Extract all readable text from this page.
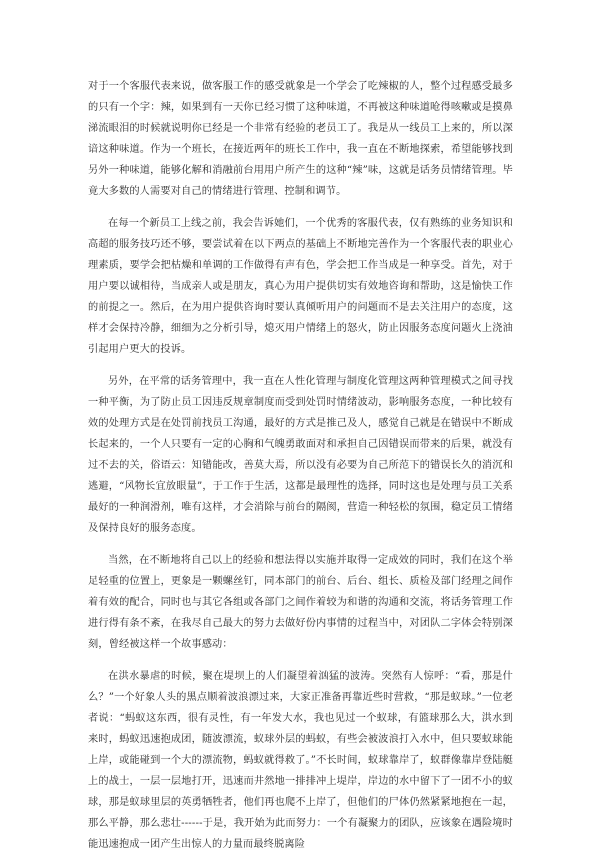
对于一个客服代表来说，做客服工作的感受就象是一个学会了吃辣椒的人，整个过程感受最多的只有一个字：辣，如果到有一天你已经习惯了这种味道，不再被这种味道呛得咳嗽或是摸鼻涕流眼泪的时候就说明你已经是一个非常有经验的老员工了。我是从一线员工上来的，所以深谙这种味道。作为一个班长，在接近两年的班长工作中，我一直在不断地探索，希望能够找到另外一种味道，能够化解和消融前台用用户所产生的这种“辣”味，这就是话务员情绪管理。毕竟大多数的人需要对自己的情绪进行管理、控制和调节。

在每一个新员工上线之前，我会告诉她们，一个优秀的客服代表，仅有熟练的业务知识和高超的服务技巧还不够，要尝试着在以下两点的基础上不断地完善作为一个客服代表的职业心理素质，要学会把枯燥和单调的工作做得有声有色，学会把工作当成是一种享受。首先，对于用户要以诚相待，当成亲人或是朋友，真心为用户提供切实有效地咨询和帮助，这是愉快工作的前提之一。然后，在为用户提供咨询时要认真倾听用户的问题而不是去关注用户的态度，这样才会保持冷静，细细为之分析引导，熄灭用户情绪上的怒火，防止因服务态度问题火上浇油引起用户更大的投诉。

另外，在平常的话务管理中，我一直在人性化管理与制度化管理这两种管理模式之间寻找一种平衡，为了防止员工因违反规章制度而受到处罚时情绪波动，影响服务态度，一种比较有效的处理方式是在处罚前找员工沟通，最好的方式是推己及人，感觉自己就是在错误中不断成长起来的，一个人只要有一定的心胸和气魄勇敢面对和承担自己因错误而带来的后果，就没有过不去的关，俗语云：知错能改，善莫大焉，所以没有必要为自己所范下的错误长久的消沉和逃避，“风物长宜放眼量”，于工作于生活，这都是最理性的选择，同时这也是处理与员工关系最好的一种润滑剂，唯有这样，才会消除与前台的隔阂，营造一种轻松的氛围，稳定员工情绪及保持良好的服务态度。

当然，在不断地将自己以上的经验和想法得以实施并取得一定成效的同时，我们在这个举足轻重的位置上，更象是一颗螺丝钉，同本部门的前台、后台、组长、质检及部门经理之间作着有效的配合，同时也与其它各组或各部门之间作着较为和谐的沟通和交流，将话务管理工作进行得有条不紊，在我尽自己最大的努力去做好份内事情的过程当中，对团队二字体会特别深刻，曾经被这样一个故事感动：

在洪水暴虐的时候，聚在堤坝上的人们凝望着汹猛的波涛。突然有人惊呼：“看，那是什么？”一个好象人头的黑点顺着波浪漂过来，大家正准备再靠近些时营救，“那是蚁球。”一位老者说：“蚂蚁这东西，很有灵性，有一年发大水，我也见过一个蚁球，有篮球那么大，洪水到来时，蚂蚁迅速抱成团，随波漂流，蚁球外层的蚂蚁，有些会被波浪打入水中，但只要蚁球能上岸，或能碰到一个大的漂流物，蚂蚁就得救了。”不长时间，蚁球靠岸了，蚁群像靠岸登陆艇上的战士，一层一层地打开，迅速而井然地一排排冲上堤岸，岸边的水中留下了一团不小的蚁球，那是蚁球里层的英勇牺牲者，他们再也爬不上岸了，但他们的尸体仍然紧紧地抱在一起，那么平静，那么悲壮------于是，我开始为此而努力：一个有凝聚力的团队，应该象在遇险境时能迅速抱成一团产生出惊人的力量而最终脱离险
